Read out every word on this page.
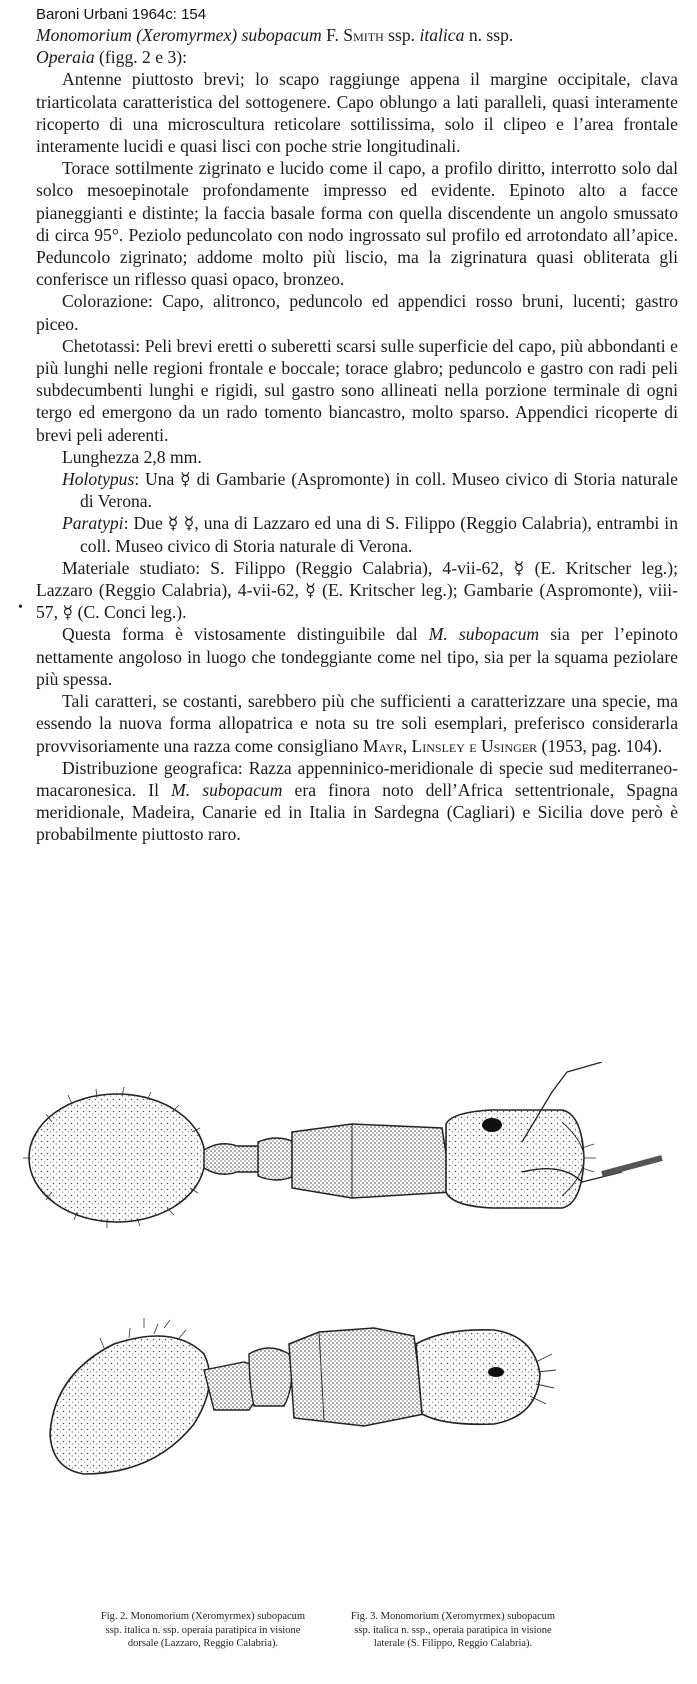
Baroni Urbani 1964c: 154

Monomorium (Xeromyrmex) subopacum F. Smith ssp. italica n. ssp.

Operaia (figg. 2 e 3):

Antenne piuttosto brevi; lo scapo raggiunge appena il margine occipitale, clava triarticolata caratteristica del sottogenere. Capo oblungo a lati paralleli, quasi interamente ricoperto di una microscultura reticolare sottilissima, solo il clipeo e l’area frontale interamente lucidi e quasi lisci con poche strie longitudinali.

Torace sottilmente zigrinato e lucido come il capo, a profilo diritto, interrotto solo dal solco mesoepinotale profondamente impresso ed evidente. Epinoto alto a facce pianeggianti e distinte; la faccia basale forma con quella discendente un angolo smussato di circa 95°. Peziolo peduncolato con nodo ingrossato sul profilo ed arrotondato all’apice. Peduncolo zigrinato; addome molto più liscio, ma la zigrinatura quasi obliterata gli conferisce un riflesso quasi opaco, bronzeo.

Colorazione: Capo, alitronco, peduncolo ed appendici rosso bruni, lucenti; gastro piceo.

Chetotassi: Peli brevi eretti o suberetti scarsi sulle superficie del capo, più abbondanti e più lunghi nelle regioni frontale e boccale; torace glabro; peduncolo e gastro con radi peli subdecumbenti lunghi e rigidi, sul gastro sono allineati nella porzione terminale di ogni tergo ed emergono da un rado tomento biancastro, molto sparso. Appendici ricoperte di brevi peli aderenti.

Lunghezza 2,8 mm.

Holotypus: Una ☿ di Gambarie (Aspromonte) in coll. Museo civico di Storia naturale di Verona.

Paratypi: Due ☿ ☿, una di Lazzaro ed una di S. Filippo (Reggio Calabria), entrambi in coll. Museo civico di Storia naturale di Verona.

Materiale studiato: S. Filippo (Reggio Calabria), 4-vii-62, ☿ (E. Kritscher leg.); Lazzaro (Reggio Calabria), 4-vii-62, ☿ (E. Kritscher leg.); Gambarie (Aspromonte), viii-57, ☿ (C. Conci leg.).

Questa forma è vistosamente distinguibile dal M. subopacum sia per l’epinoto nettamente angoloso in luogo che tondeggiante come nel tipo, sia per la squama peziolare più spessa.

Tali caratteri, se costanti, sarebbero più che sufficienti a caratterizzare una specie, ma essendo la nuova forma allopatrica e nota su tre soli esemplari, preferisco considerarla provvisoriamente una razza come consigliano Mayr, Linsley e Usinger (1953, pag. 104).

Distribuzione geografica: Razza appenninico-meridionale di specie sud mediterraneo-macaronesica. Il M. subopacum era finora noto dell’Africa settentrionale, Spagna meridionale, Madeira, Canarie ed in Italia in Sardegna (Cagliari) e Sicilia dove però è probabilmente piuttosto raro.

•
Fig. 2. Monomorium (Xeromyrmex) subopacum ssp. italica n. ssp. operaia paratipica in visione dorsale (Lazzaro, Reggio Calabria).
Fig. 3. Monomorium (Xeromyrmex) subopacum ssp. italica n. ssp., operaia paratipica in visione laterale (S. Filippo, Reggio Calabria).
